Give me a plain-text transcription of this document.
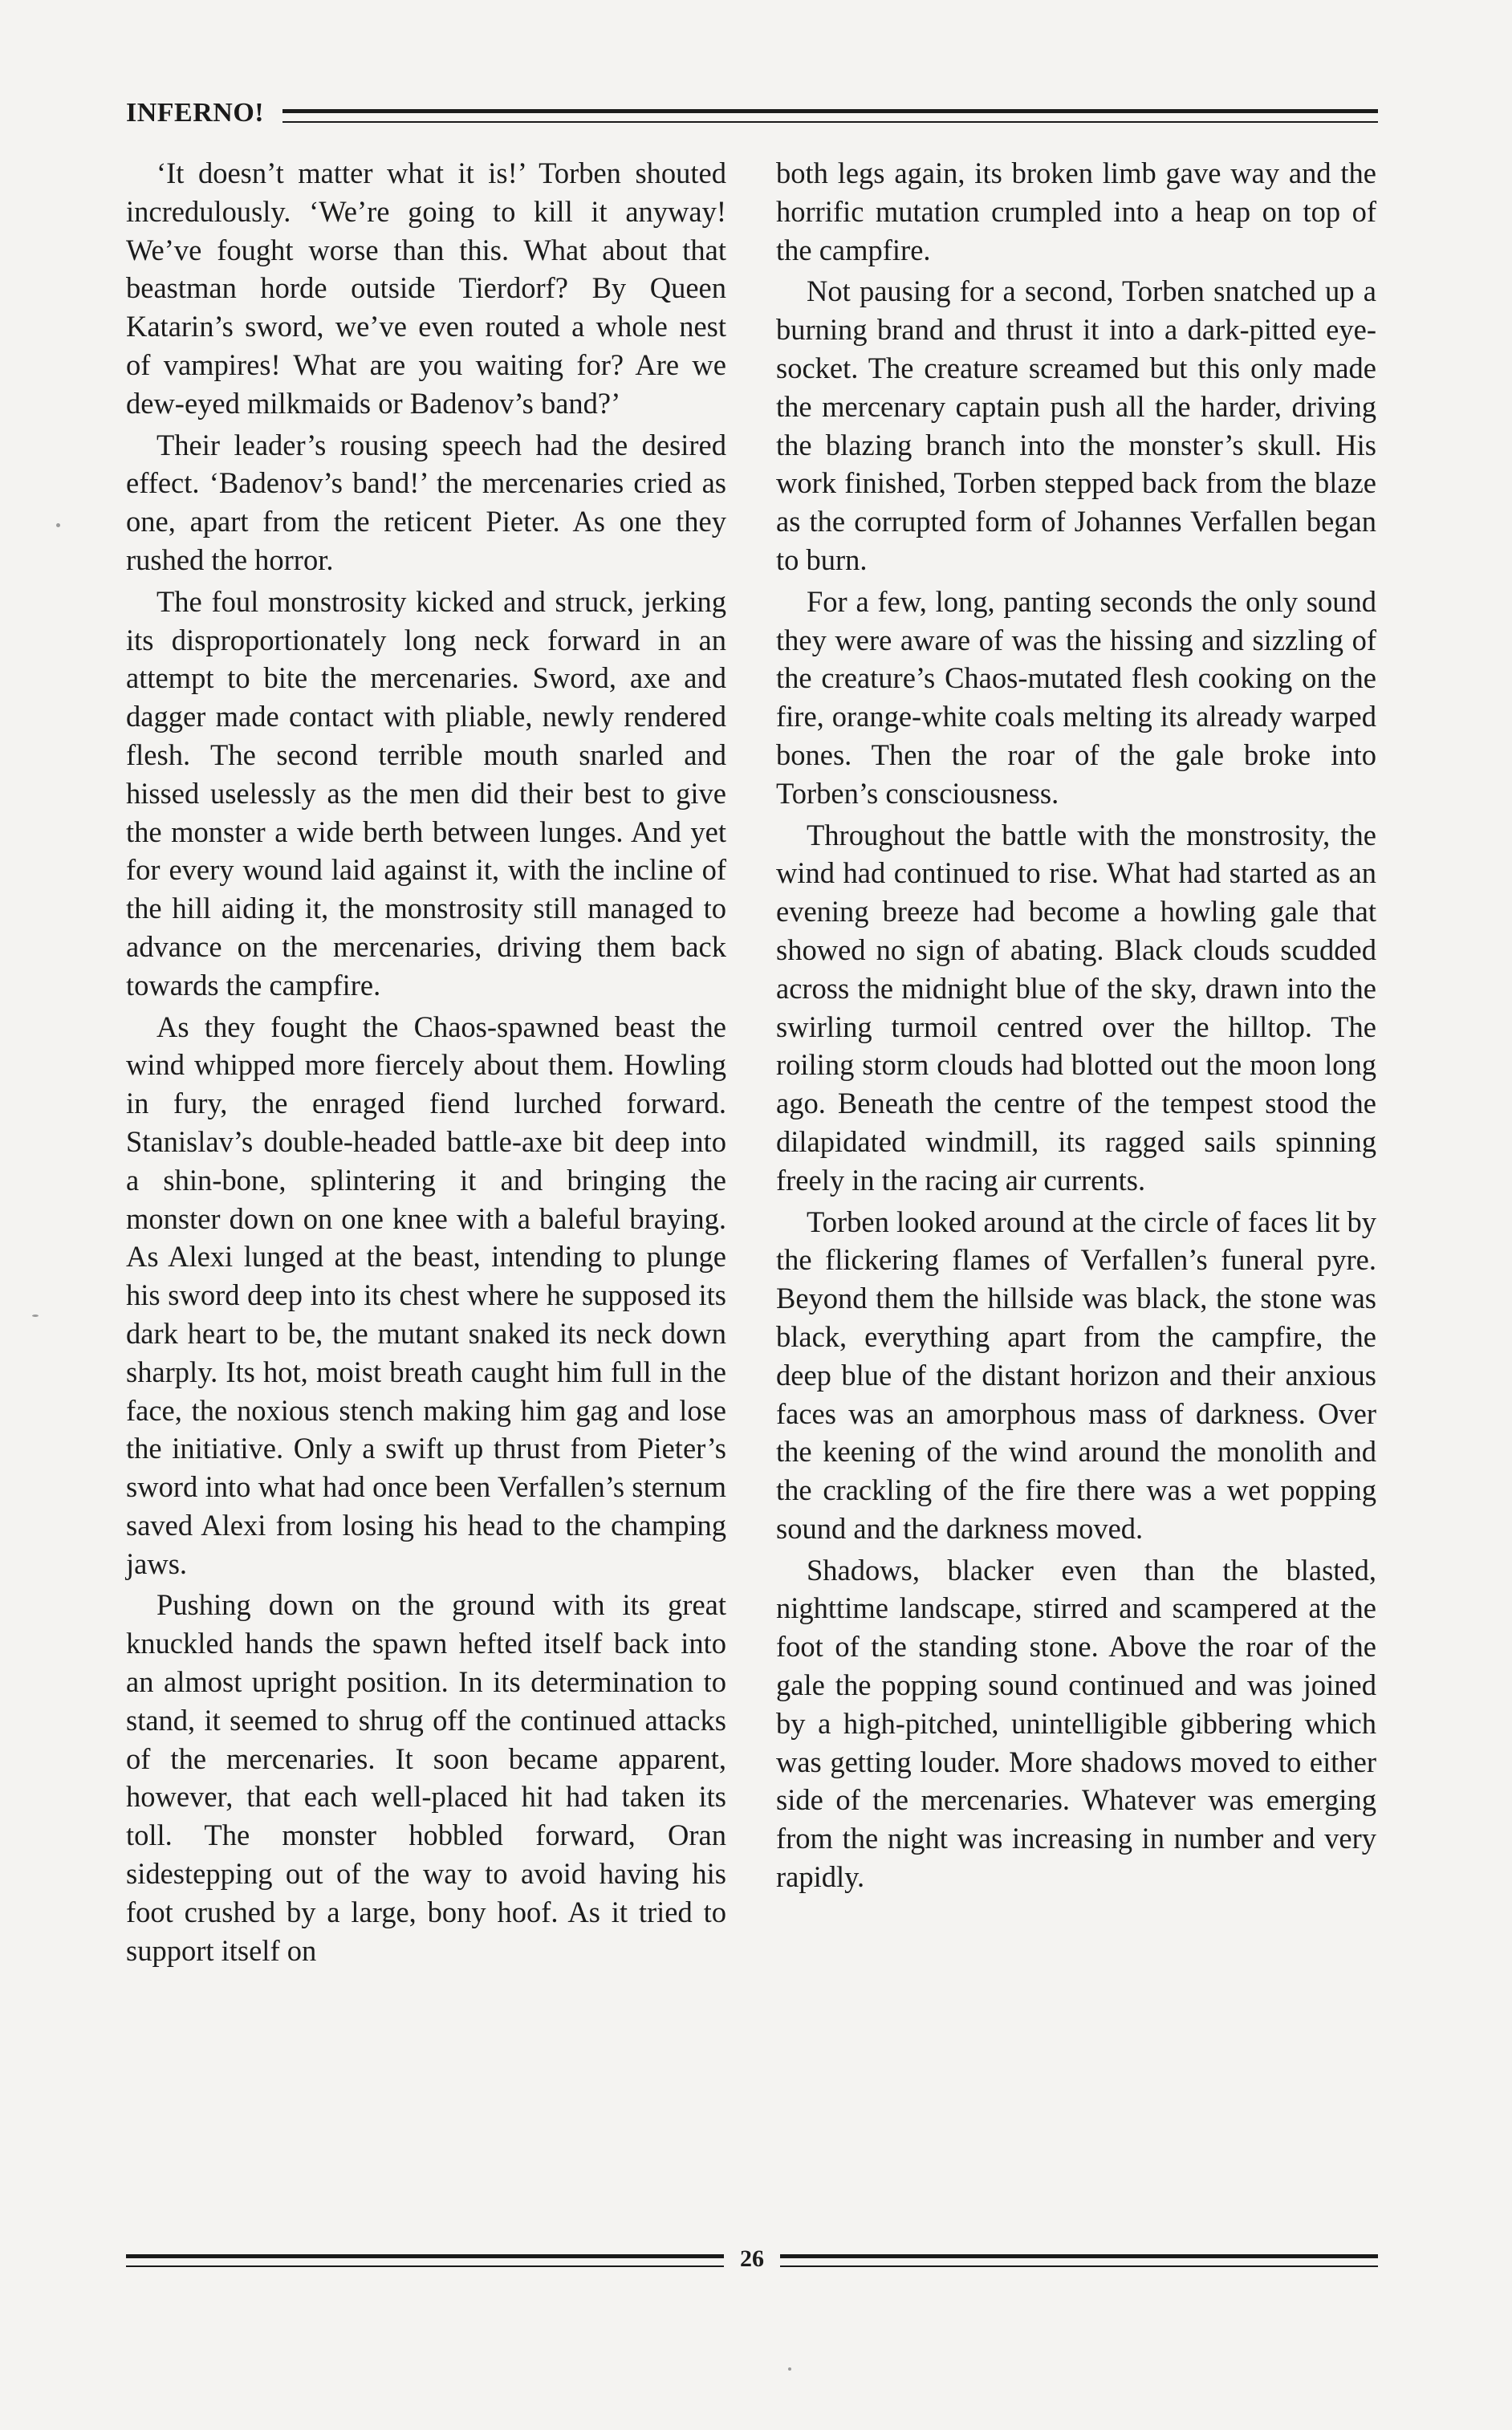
INFERNO!

‘It doesn’t matter what it is!’ Torben shouted incredulously. ‘We’re going to kill it anyway! We’ve fought worse than this. What about that beastman horde outside Tierdorf? By Queen Katarin’s sword, we’ve even routed a whole nest of vampires! What are you waiting for? Are we dew-eyed milkmaids or Badenov’s band?’

Their leader’s rousing speech had the desired effect. ‘Badenov’s band!’ the mercenaries cried as one, apart from the reticent Pieter. As one they rushed the horror.

The foul monstrosity kicked and struck, jerking its disproportionately long neck forward in an attempt to bite the mercenaries. Sword, axe and dagger made contact with pliable, newly rendered flesh. The second terrible mouth snarled and hissed uselessly as the men did their best to give the monster a wide berth between lunges. And yet for every wound laid against it, with the incline of the hill aiding it, the monstrosity still managed to advance on the mercenaries, driving them back towards the campfire.

As they fought the Chaos-spawned beast the wind whipped more fiercely about them. Howling in fury, the enraged fiend lurched forward. Stanislav’s double-headed battle-axe bit deep into a shin-bone, splintering it and bringing the monster down on one knee with a baleful braying. As Alexi lunged at the beast, intending to plunge his sword deep into its chest where he supposed its dark heart to be, the mutant snaked its neck down sharply. Its hot, moist breath caught him full in the face, the noxious stench making him gag and lose the initiative. Only a swift up thrust from Pieter’s sword into what had once been Verfallen’s sternum saved Alexi from losing his head to the champing jaws.

Pushing down on the ground with its great knuckled hands the spawn hefted itself back into an almost upright position. In its determination to stand, it seemed to shrug off the continued attacks of the mercenaries. It soon became apparent, however, that each well-placed hit had taken its toll. The monster hobbled forward, Oran sidestepping out of the way to avoid having his foot crushed by a large, bony hoof. As it tried to support itself on

both legs again, its broken limb gave way and the horrific mutation crumpled into a heap on top of the campfire.

Not pausing for a second, Torben snatched up a burning brand and thrust it into a dark-pitted eye-socket. The creature screamed but this only made the mercenary captain push all the harder, driving the blazing branch into the monster’s skull. His work finished, Torben stepped back from the blaze as the corrupted form of Johannes Verfallen began to burn.

For a few, long, panting seconds the only sound they were aware of was the hissing and sizzling of the creature’s Chaos-mutated flesh cooking on the fire, orange-white coals melting its already warped bones. Then the roar of the gale broke into Torben’s consciousness.

Throughout the battle with the monstrosity, the wind had continued to rise. What had started as an evening breeze had become a howling gale that showed no sign of abating. Black clouds scudded across the midnight blue of the sky, drawn into the swirling turmoil centred over the hilltop. The roiling storm clouds had blotted out the moon long ago. Beneath the centre of the tempest stood the dilapidated windmill, its ragged sails spinning freely in the racing air currents.

Torben looked around at the circle of faces lit by the flickering flames of Verfallen’s funeral pyre. Beyond them the hillside was black, the stone was black, everything apart from the campfire, the deep blue of the distant horizon and their anxious faces was an amorphous mass of darkness. Over the keening of the wind around the monolith and the crackling of the fire there was a wet popping sound and the darkness moved.

Shadows, blacker even than the blasted, nighttime landscape, stirred and scampered at the foot of the standing stone. Above the roar of the gale the popping sound continued and was joined by a high-pitched, unintelligible gibbering which was getting louder. More shadows moved to either side of the mercenaries. Whatever was emerging from the night was increasing in number and very rapidly.

26
